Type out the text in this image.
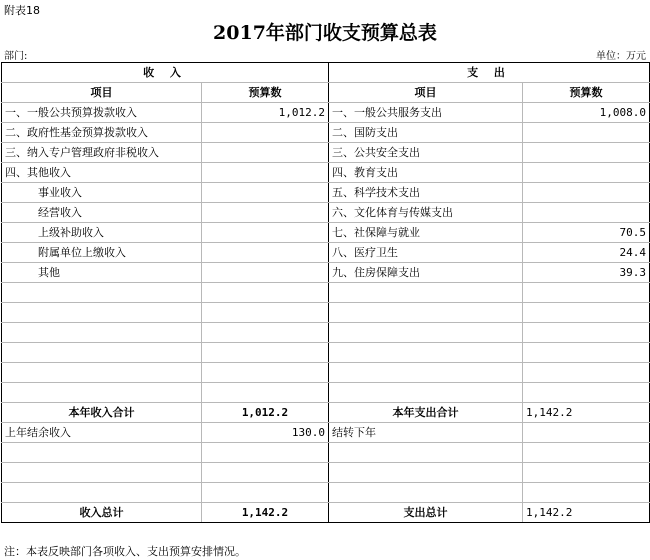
附表18
2017年部门收支预算总表
部门:	单位：万元
收 入		支 出	
项目	预算数	项目	预算数
一、一般公共预算拨款收入	1,012.2	一、一般公共服务支出	1,008.0
二、政府性基金预算拨款收入		二、国防支出	
三、纳入专户管理政府非税收入		三、公共安全支出	
四、其他收入		四、教育支出	
事业收入		五、科学技术支出	
经营收入		六、文化体育与传媒支出	
上级补助收入		七、社保障与就业	70.5
附属单位上缴收入		八、医疗卫生	24.4
其他		九、住房保障支出	39.3

本年收入合计	1,012.2	本年支出合计	1,142.2
上年结余收入	130.0	结转下年	

收入总计	1,142.2	支出总计	1,142.2
注：本表反映部门各项收入、支出预算安排情况。
